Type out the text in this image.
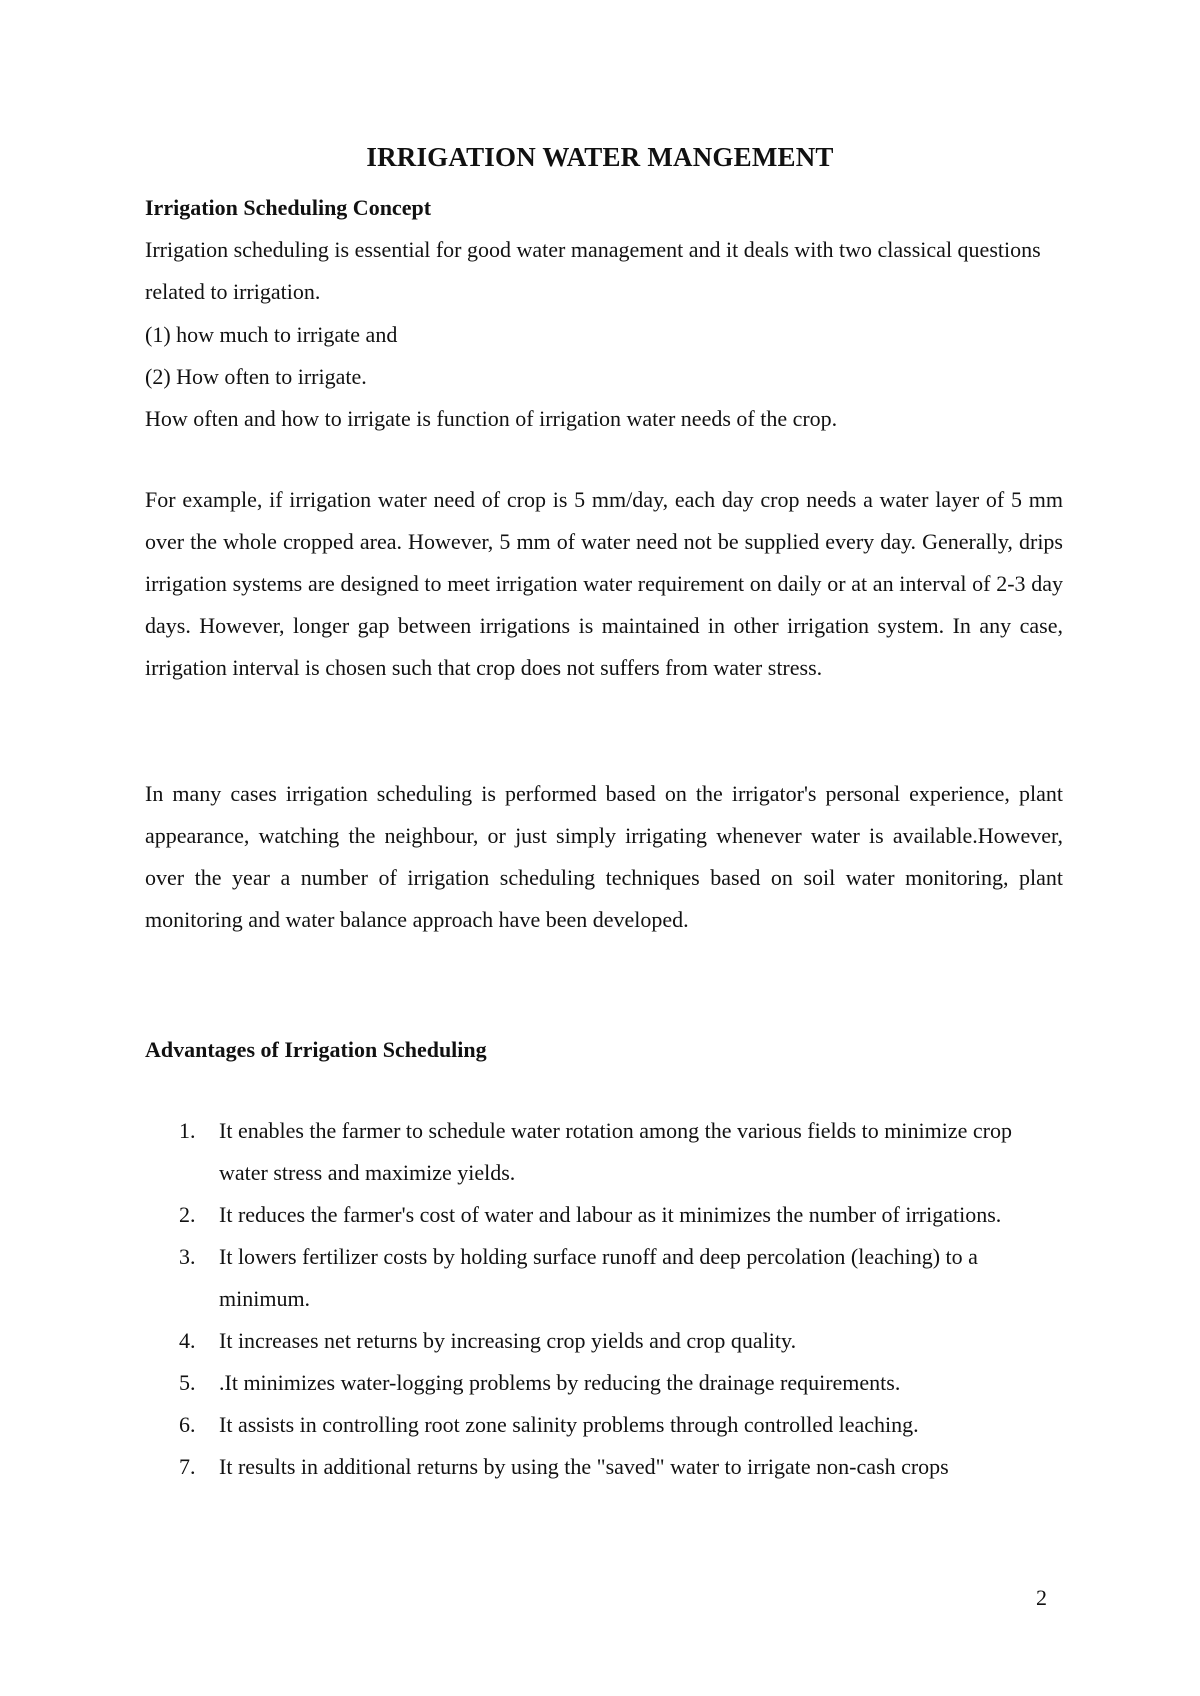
IRRIGATION WATER MANGEMENT
Irrigation Scheduling Concept
Irrigation scheduling is essential for good water management and it deals with two classical questions related to irrigation.
(1) how much to irrigate and
(2) How often to irrigate.
How often and how to irrigate is function of irrigation water needs of the crop.
For example, if irrigation water need of crop is 5 mm/day, each day crop needs a water layer of 5 mm over the whole cropped area. However, 5 mm of water need not be supplied every day. Generally, drips irrigation systems are designed to meet irrigation water requirement on daily or at an interval of 2-3 day days. However, longer gap between irrigations is maintained in other irrigation system. In any case, irrigation interval is chosen such that crop does not suffers from water stress.
In many cases irrigation scheduling is performed based on the irrigator's personal experience, plant appearance, watching the neighbour, or just simply irrigating whenever water is available.However, over the year a number of irrigation scheduling techniques based on soil water monitoring, plant monitoring and water balance approach have been developed.
Advantages of Irrigation Scheduling
1. It enables the farmer to schedule water rotation among the various fields to minimize crop water stress and maximize yields.
2. It reduces the farmer's cost of water and labour as it minimizes the number of irrigations.
3. It lowers fertilizer costs by holding surface runoff and deep percolation (leaching) to a minimum.
4. It increases net returns by increasing crop yields and crop quality.
5. .It minimizes water-logging problems by reducing the drainage requirements.
6. It assists in controlling root zone salinity problems through controlled leaching.
7. It results in additional returns by using the "saved" water to irrigate non-cash crops
2
